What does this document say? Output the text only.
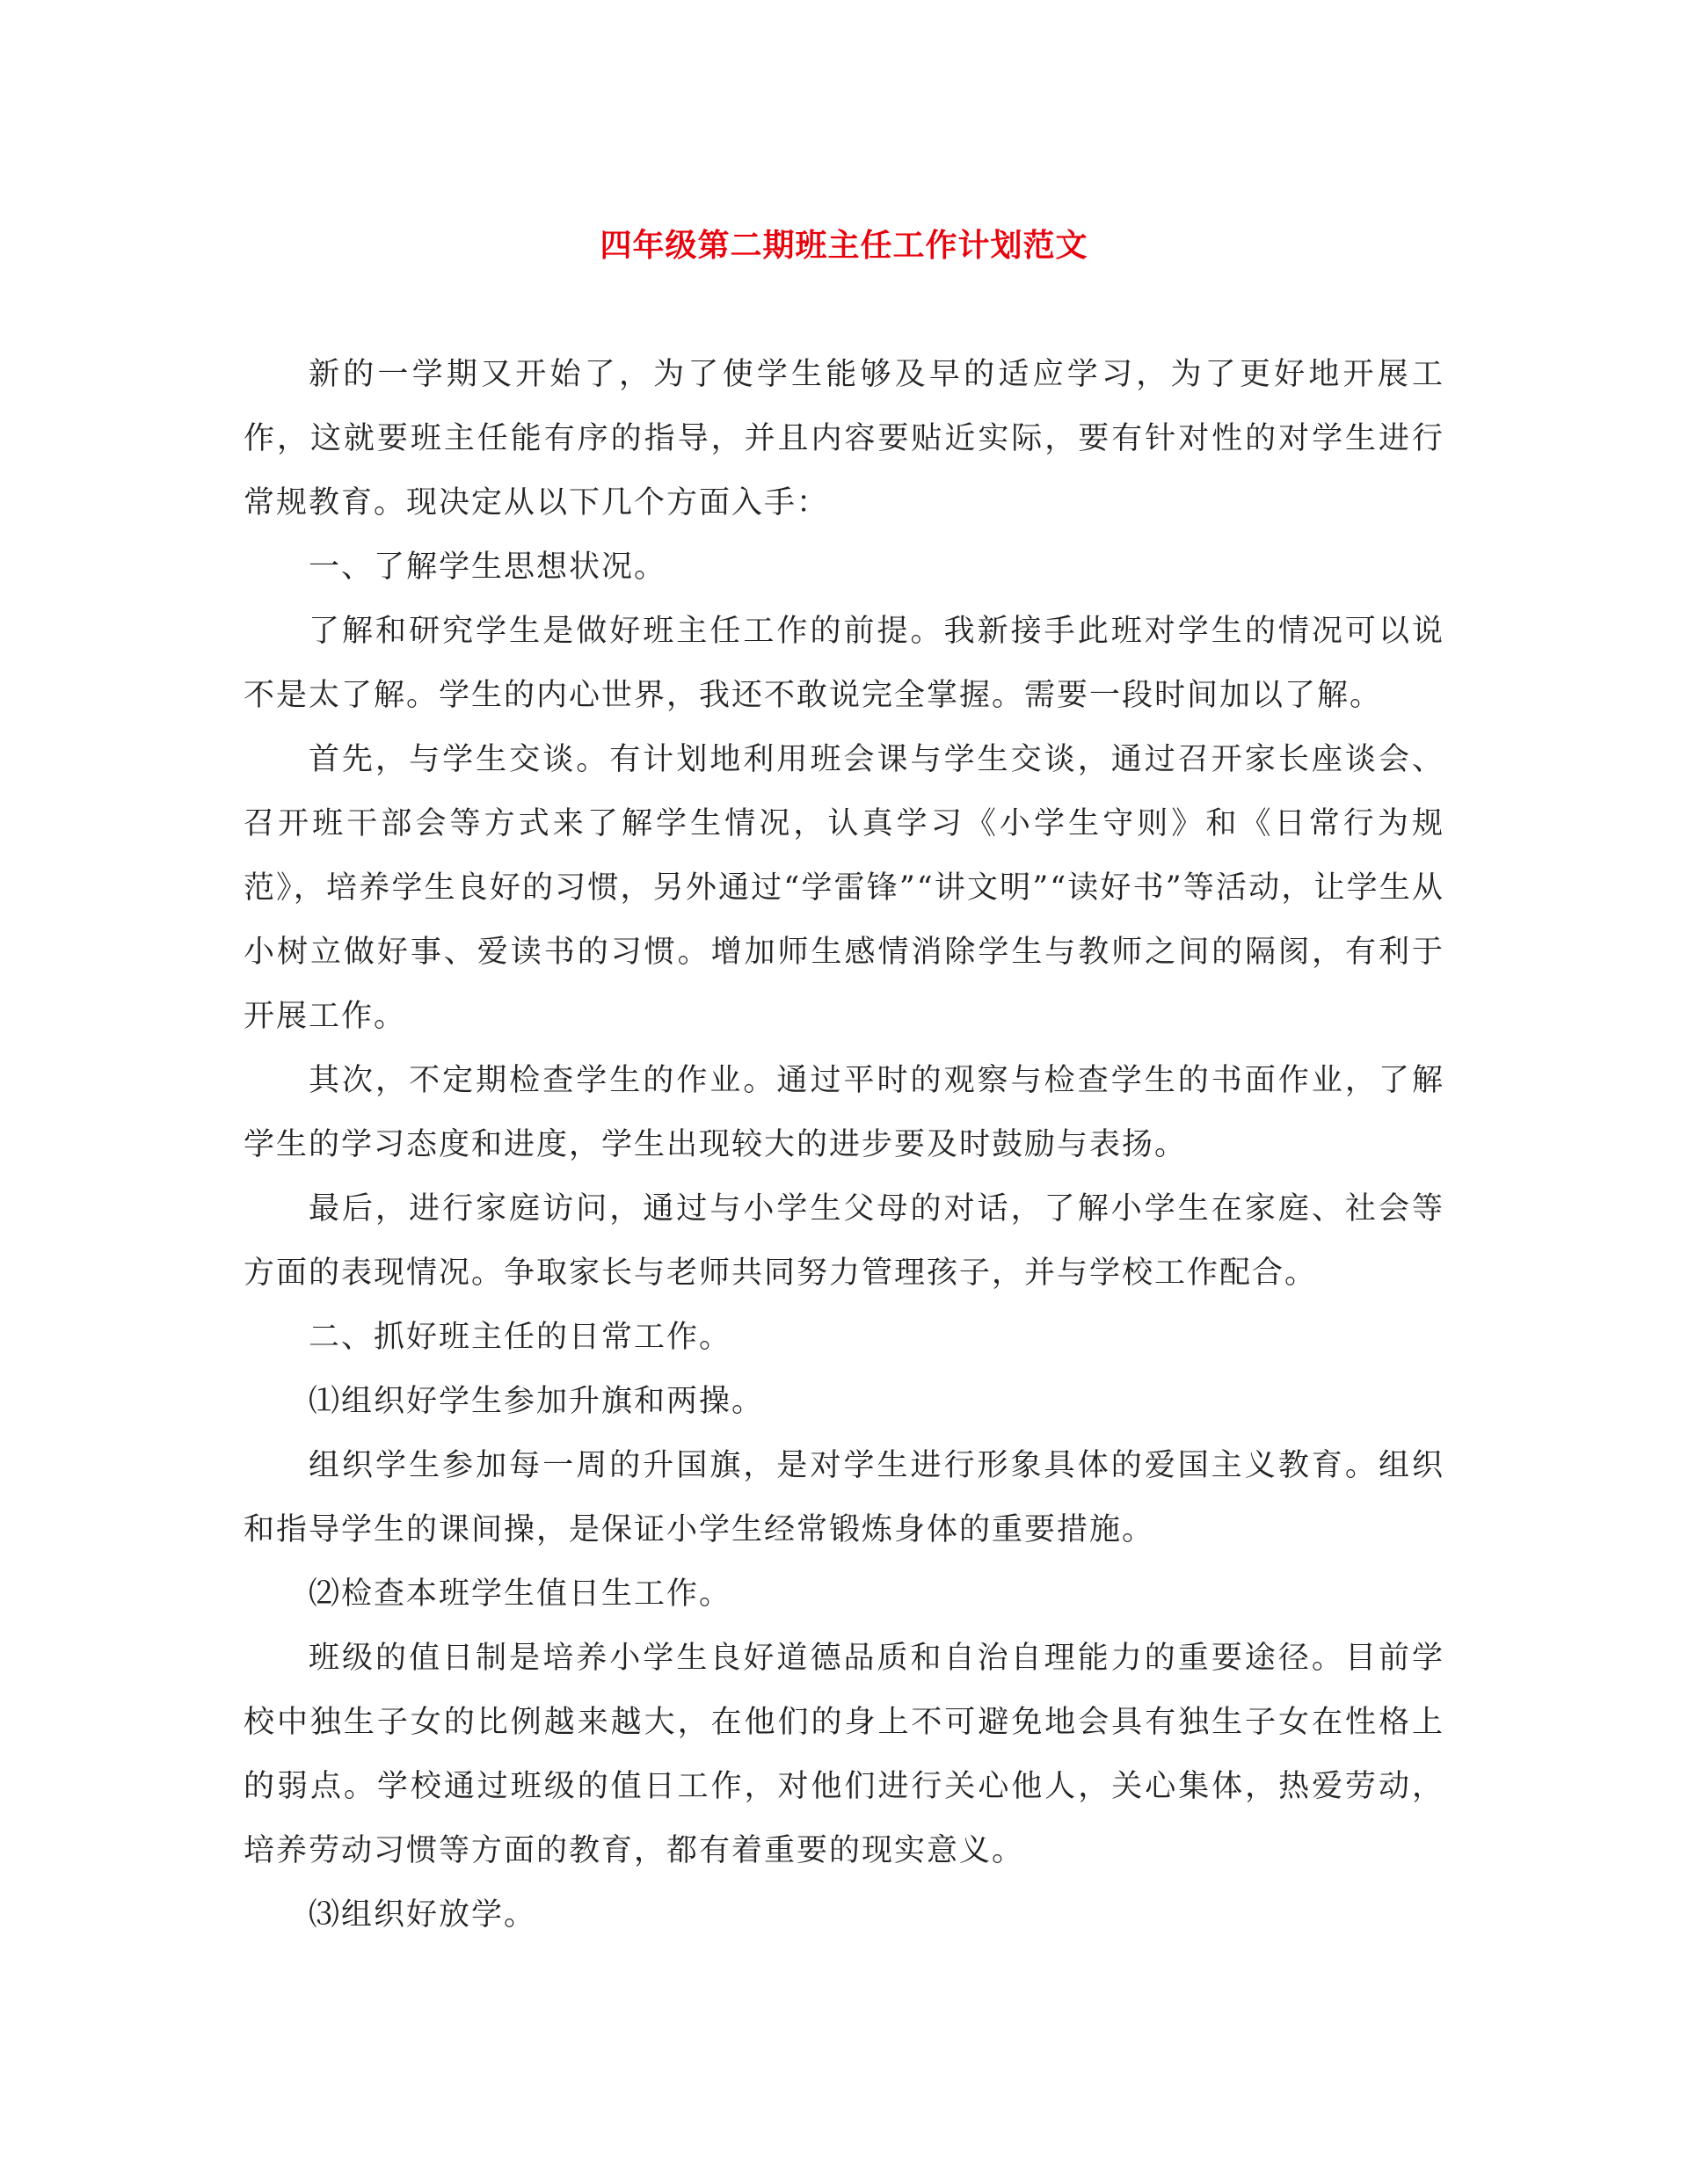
四年级第二期班主任工作计划范文

新的一学期又开始了，为了使学生能够及早的适应学习，为了更好地开展工作，这就要班主任能有序的指导，并且内容要贴近实际，要有针对性的对学生进行常规教育。现决定从以下几个方面入手：

一、了解学生思想状况。

了解和研究学生是做好班主任工作的前提。我新接手此班对学生的情况可以说不是太了解。学生的内心世界，我还不敢说完全掌握。需要一段时间加以了解。

首先，与学生交谈。有计划地利用班会课与学生交谈，通过召开家长座谈会、召开班干部会等方式来了解学生情况，认真学习《小学生守则》和《日常行为规范》，培养学生良好的习惯，另外通过“学雷锋”“讲文明”“读好书”等活动，让学生从小树立做好事、爱读书的习惯。增加师生感情消除学生与教师之间的隔阂，有利于开展工作。

其次，不定期检查学生的作业。通过平时的观察与检查学生的书面作业，了解学生的学习态度和进度，学生出现较大的进步要及时鼓励与表扬。

最后，进行家庭访问，通过与小学生父母的对话，了解小学生在家庭、社会等方面的表现情况。争取家长与老师共同努力管理孩子，并与学校工作配合。

二、抓好班主任的日常工作。

⑴组织好学生参加升旗和两操。

组织学生参加每一周的升国旗，是对学生进行形象具体的爱国主义教育。组织和指导学生的课间操，是保证小学生经常锻炼身体的重要措施。

⑵检查本班学生值日生工作。

班级的值日制是培养小学生良好道德品质和自治自理能力的重要途径。目前学校中独生子女的比例越来越大，在他们的身上不可避免地会具有独生子女在性格上的弱点。学校通过班级的值日工作，对他们进行关心他人，关心集体，热爱劳动，培养劳动习惯等方面的教育，都有着重要的现实意义。

⑶组织好放学。
